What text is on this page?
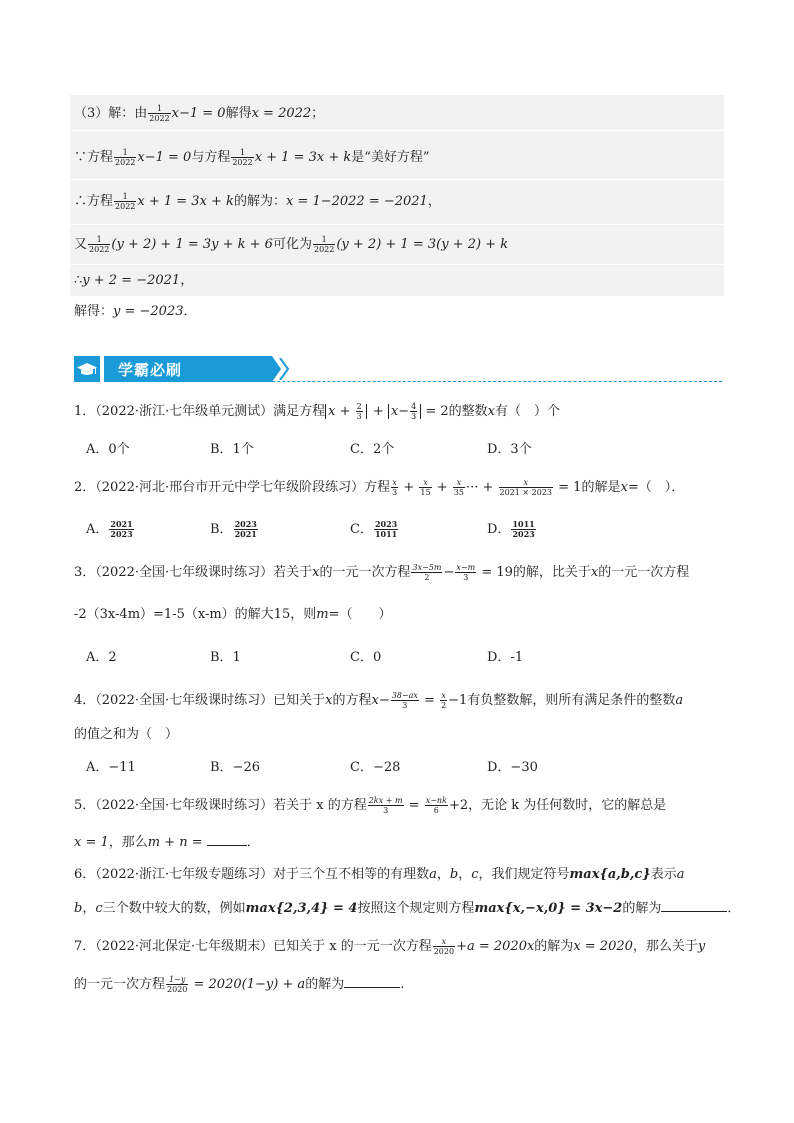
（3）解：由 $\frac{1}{2022} x-1 = 0$解得x = 2022；
∵方程 $\frac{1}{2022} x-1 = 0$与方程 $\frac{1}{2022}$ x + 1 = 3x + k是“美好方程”
∴方程 $\frac{1}{2022}$ x + 1 = 3x + k的解为：x = 1−2022 = −2021，
又 $\frac{1}{2022} (y + 2) + 1 = 3y + k + 6$可化为 $\frac{1}{2022} (y + 2) + 1 = 3(y + 2) + k$
∴y + 2 = −2021，
解得：y = −2023．
学霸必刷
1．（2022·浙江·七年级单元测试）满足方程 $x + \frac{2}{3} + x- \frac{4}{3} = 2$的整数x有（　）个
A．0个	B．1个	C．2个	D．3个
2．（2022·河北·邢台市开元中学七年级阶段练习）方程 $\frac{x}{3} + \frac{x}{15} + \frac{x}{35}$ ··· + $\frac{x}{2021 \times 2023} = 1$的解是x=（　）．
A． $\frac{2021}{2023}$	B． $\frac{2023}{2021}$	C． $\frac{2023}{1011}$	D． $\frac{1011}{2023}$
3．（2022·全国·七年级课时练习）若关于x的一元一次方程 $\frac{3x-5m}{2} - \frac{x-m}{3} = 19$的解，比关于x的一元一次方程
-2（3x-4m）=1-5（x-m）的解大15，则m=（　　）
A．2	B．1	C．0	D．-1
4．（2022·全国·七年级课时练习）已知关于x的方程$x- \frac{38-ax}{3} = \frac{x}{2} -1$有负整数解，则所有满足条件的整数a
的值之和为（　）
A．−11	B．−26	C．−28	D．−30
5．（2022·全国·七年级课时练习）若关于 x 的方程 $\frac{2kx + m}{3} = \frac{x-nk}{6} +2$，无论 k 为任何数时，它的解总是
x = 1，那么m + n =	．
6．（2022·浙江·七年级专题练习）对于三个互不相等的有理数a，b，c，我们规定符号max{a,b,c}表示a
b，c三个数中较大的数，例如max{2,3,4} = 4按照这个规定则方程max{x,−x,0} = 3x−2的解为	．
7．（2022·河北保定·七年级期末）已知关于 x 的一元一次方程 $\frac{x}{2020} +a = 2020x$的解为x = 2020，那么关于y
的一元一次方程 $\frac{1-y}{2020} = 2020(1-y) + a$的解为	.
